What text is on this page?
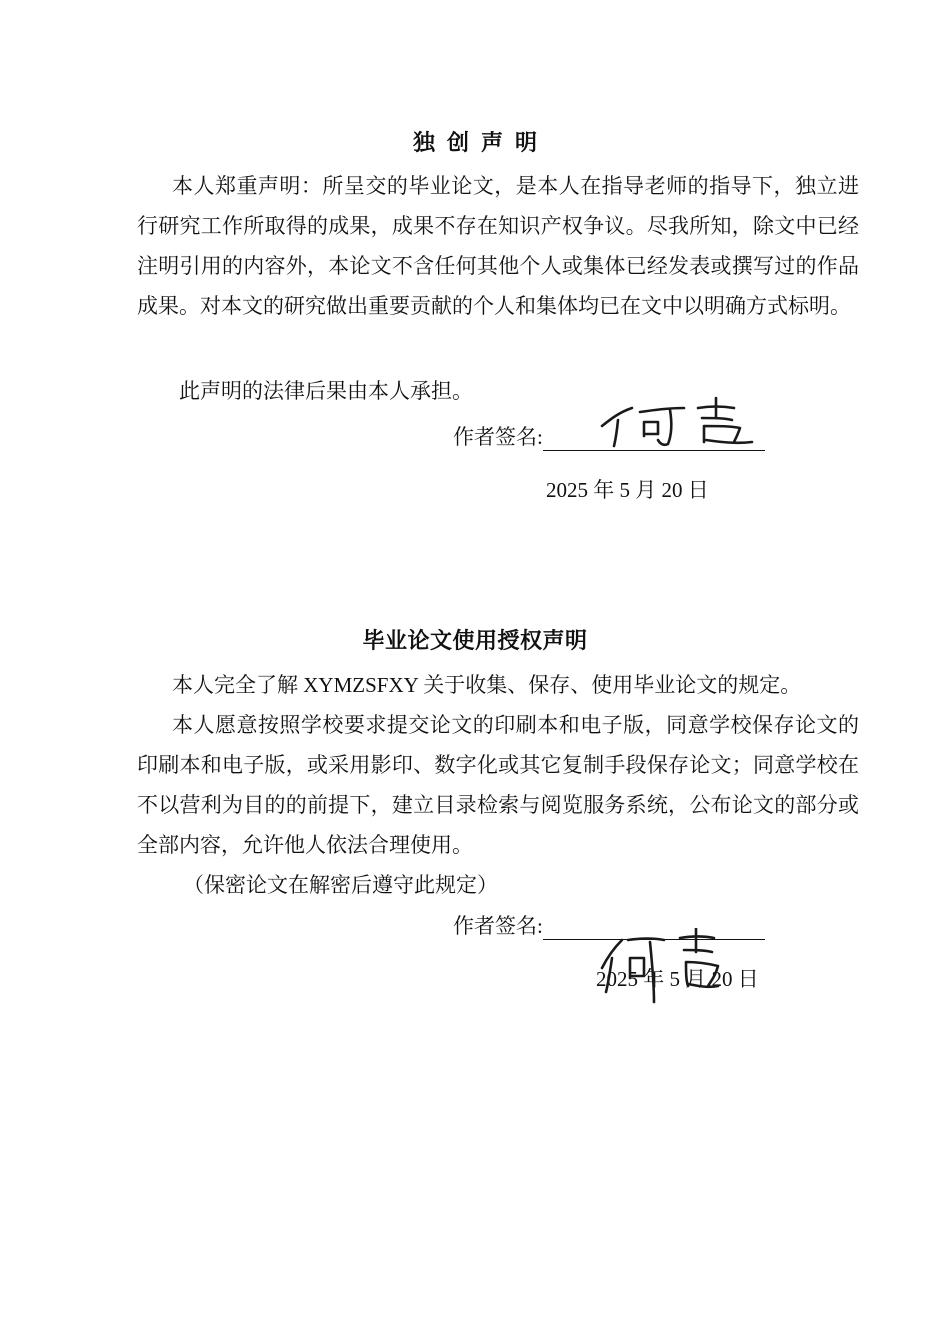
独创声明

本人郑重声明：所呈交的毕业论文，是本人在指导老师的指导下，独立进行研究工作所取得的成果，成果不存在知识产权争议。尽我所知，除文中已经注明引用的内容外，本论文不含任何其他个人或集体已经发表或撰写过的作品成果。对本文的研究做出重要贡献的个人和集体均已在文中以明确方式标明。

此声明的法律后果由本人承担。

作者签名:
2025 年 5 月 20 日
毕业论文使用授权声明

本人完全了解 XYMZSFXY 关于收集、保存、使用毕业论文的规定。

本人愿意按照学校要求提交论文的印刷本和电子版，同意学校保存论文的印刷本和电子版，或采用影印、数字化或其它复制手段保存论文；同意学校在不以营利为目的的前提下，建立目录检索与阅览服务系统，公布论文的部分或全部内容，允许他人依法合理使用。

（保密论文在解密后遵守此规定）

作者签名:
2025 年 5 月 20 日
